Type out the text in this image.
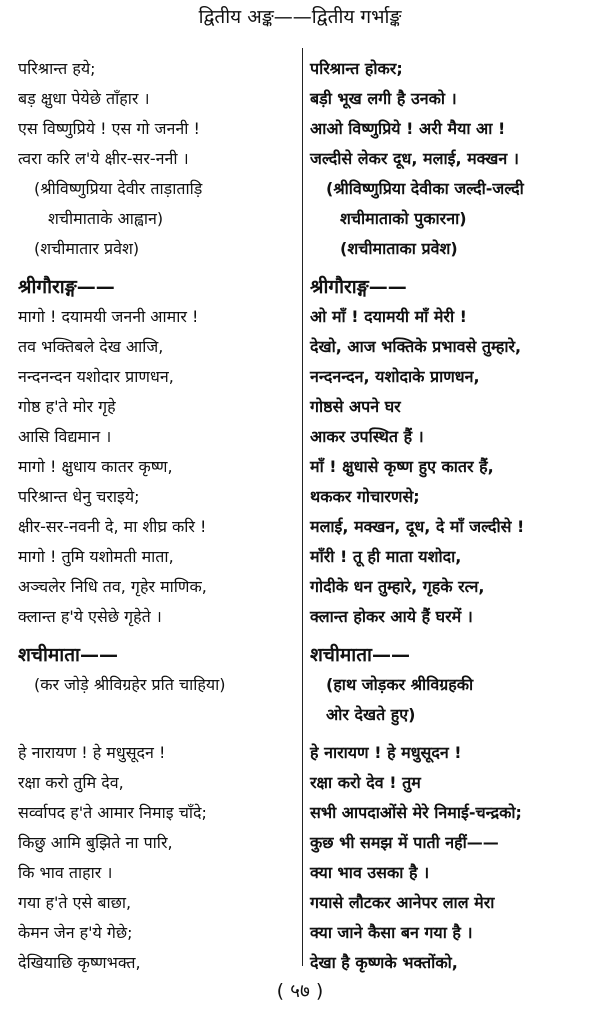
द्वितीय अङ्क——द्वितीय गर्भाङ्क
परिश्रान्त हये;
बड़ क्षुधा पेयेछे ताँहार ।
एस विष्णुप्रिये ! एस गो जननी !
त्वरा करि ल'ये क्षीर-सर-ननी ।
(श्रीविष्णुप्रिया देवीर ताड़ाताड़ि
शचीमाताके आह्वान)
(शचीमातार प्रवेश)
श्रीगौराङ्ग——
मागो ! दयामयी जननी आमार !
तव भक्तिबले देख आजि,
नन्दनन्दन यशोदार प्राणधन,
गोष्ठ ह'ते मोर गृहे
आसि विद्यमान ।
मागो ! क्षुधाय कातर कृष्ण,
परिश्रान्त धेनु चराइये;
क्षीर-सर-नवनी दे, मा शीघ्र करि !
मागो ! तुमि यशोमती माता,
अञ्चलेर निधि तव, गृहेर माणिक,
क्लान्त ह'ये एसेछे गृहेते ।
शचीमाता——
(कर जोड़े श्रीविग्रहेर प्रति चाहिया)
हे नारायण ! हे मधुसूदन !
रक्षा करो तुमि देव,
सर्व्वापद ह'ते आमार निमाइ चाँदे;
किछु आमि बुझिते ना पारि,
कि भाव ताहार ।
गया ह'ते एसे बाछा,
केमन जेन ह'ये गेछे;
देखियाछि कृष्णभक्त,
परिश्रान्त होकर;
बड़ी भूख लगी है उनको ।
आओ विष्णुप्रिये ! अरी मैया आ !
जल्दीसे लेकर दूध, मलाई, मक्खन ।
(श्रीविष्णुप्रिया देवीका जल्दी-जल्दी
शचीमाताको पुकारना)
(शचीमाताका प्रवेश)
श्रीगौराङ्ग——
ओ माँ ! दयामयी माँ मेरी !
देखो, आज भक्तिके प्रभावसे तुम्हारे,
नन्दनन्दन, यशोदाके प्राणधन,
गोष्ठसे अपने घर
आकर उपस्थित हैं ।
माँ ! क्षुधासे कृष्ण हुए कातर हैं,
थककर गोचारणसे;
मलाई, मक्खन, दूध, दे माँ जल्दीसे !
माँरी ! तू ही माता यशोदा,
गोदीके धन तुम्हारे, गृहके रत्न,
क्लान्त होकर आये हैं घरमें ।
शचीमाता——
(हाथ जोड़कर श्रीविग्रहकी
ओर देखते हुए)
हे नारायण ! हे मधुसूदन !
रक्षा करो देव ! तुम
सभी आपदाओंसे मेरे निमाई-चन्द्रको;
कुछ भी समझ में पाती नहीं——
क्या भाव उसका है ।
गयासे लौटकर आनेपर लाल मेरा
क्या जाने कैसा बन गया है ।
देखा है कृष्णके भक्तोंको,
( ५७ )
